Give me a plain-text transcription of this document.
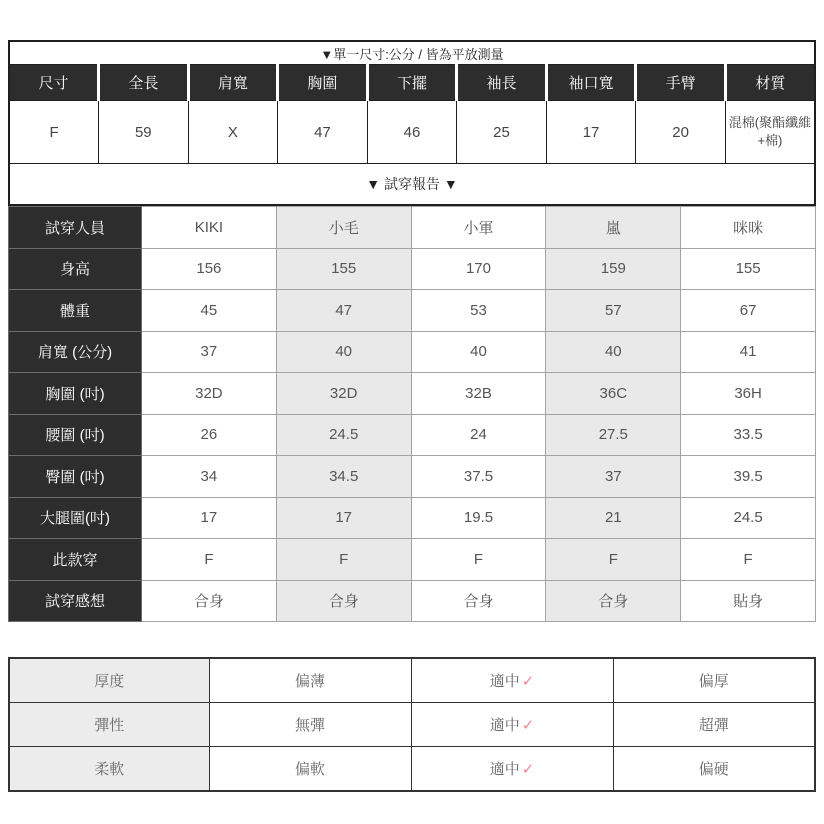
▼單一尺寸:公分 / 皆為平放測量								
尺寸	全長	肩寬	胸圍	下擺	袖長	袖口寬	手臂	材質
F	59	X	47	46	25	17	20	混棉(聚酯纖維+棉)
▼ 試穿報告 ▼								
試穿人員	KIKI	小毛	小軍	嵐	咪咪
身高	156	155	170	159	155
體重	45	47	53	57	67
肩寬 (公分)	37	40	40	40	41
胸圍 (吋)	32D	32D	32B	36C	36H
腰圍 (吋)	26	24.5	24	27.5	33.5
臀圍 (吋)	34	34.5	37.5	37	39.5
大腿圍(吋)	17	17	19.5	21	24.5
此款穿	F	F	F	F	F
試穿感想	合身	合身	合身	合身	貼身
厚度	偏薄	適中 ✓	偏厚
彈性	無彈	適中 ✓	超彈
柔軟	偏軟	適中 ✓	偏硬
